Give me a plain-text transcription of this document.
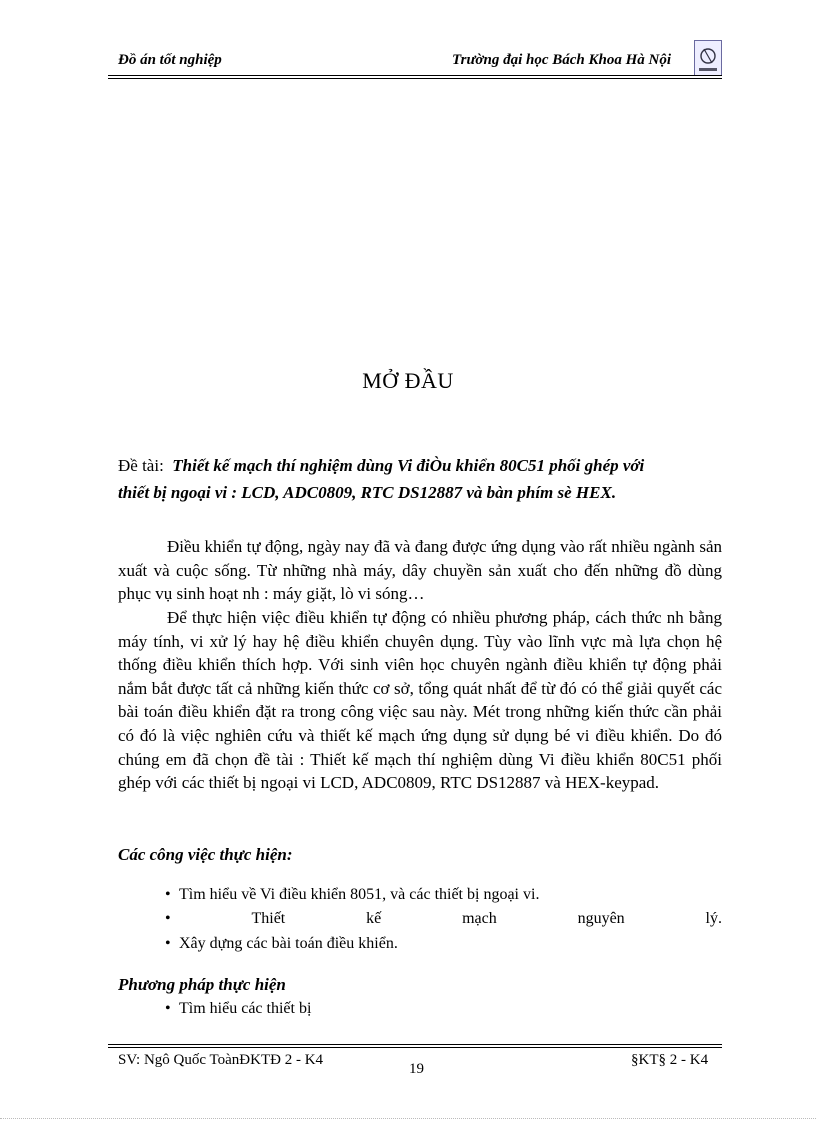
Đồ án tốt nghiệp	Trường đại học Bách Khoa Hà Nội
MỞ ĐẦU
Đề tài: Thiết kế mạch thí nghiệm dùng Vi điÒu khiển 80C51 phối ghép với
thiết bị ngoại vi : LCD, ADC0809, RTC DS12887 và bàn phím sè HEX.
Điều khiển tự động, ngày nay đã và đang được ứng dụng vào rất nhiều ngành sản xuất và cuộc sống. Từ những nhà máy, dây chuyền sản xuất cho đến những đồ dùng phục vụ sinh hoạt nh : máy giặt, lò vi sóng…
Để thực hiện việc điều khiển tự động có nhiều phương pháp, cách thức nh bằng máy tính, vi xử lý hay hệ điều khiển chuyên dụng. Tùy vào lĩnh vực mà lựa chọn hệ thống điều khiển thích hợp. Với sinh viên học chuyên ngành điều khiển tự động phải nắm bắt được tất cả những kiến thức cơ sở, tổng quát nhất để từ đó có thể giải quyết các bài toán điều khiển đặt ra trong công việc sau này. Mét trong những kiến thức cần phải có đó là việc nghiên cứu và thiết kế mạch ứng dụng sử dụng bé vi điều khiển. Do đó chúng em đã chọn đề tài : Thiết kế mạch thí nghiệm dùng Vi điều khiển 80C51 phối ghép với các thiết bị ngoại vi LCD, ADC0809, RTC DS12887 và HEX-keypad.
Các công việc thực hiện:
• Tìm hiểu về Vi điều khiển 8051, và các thiết bị ngoại vi.
•	Thiết	kế	mạch	nguyên	lý.
• Xây dựng các bài toán điều khiển.
Phương pháp thực hiện
• Tìm hiểu các thiết bị
SV: Ngô Quốc ToànĐKTĐ 2 - K4
19
§KT§ 2 - K4
